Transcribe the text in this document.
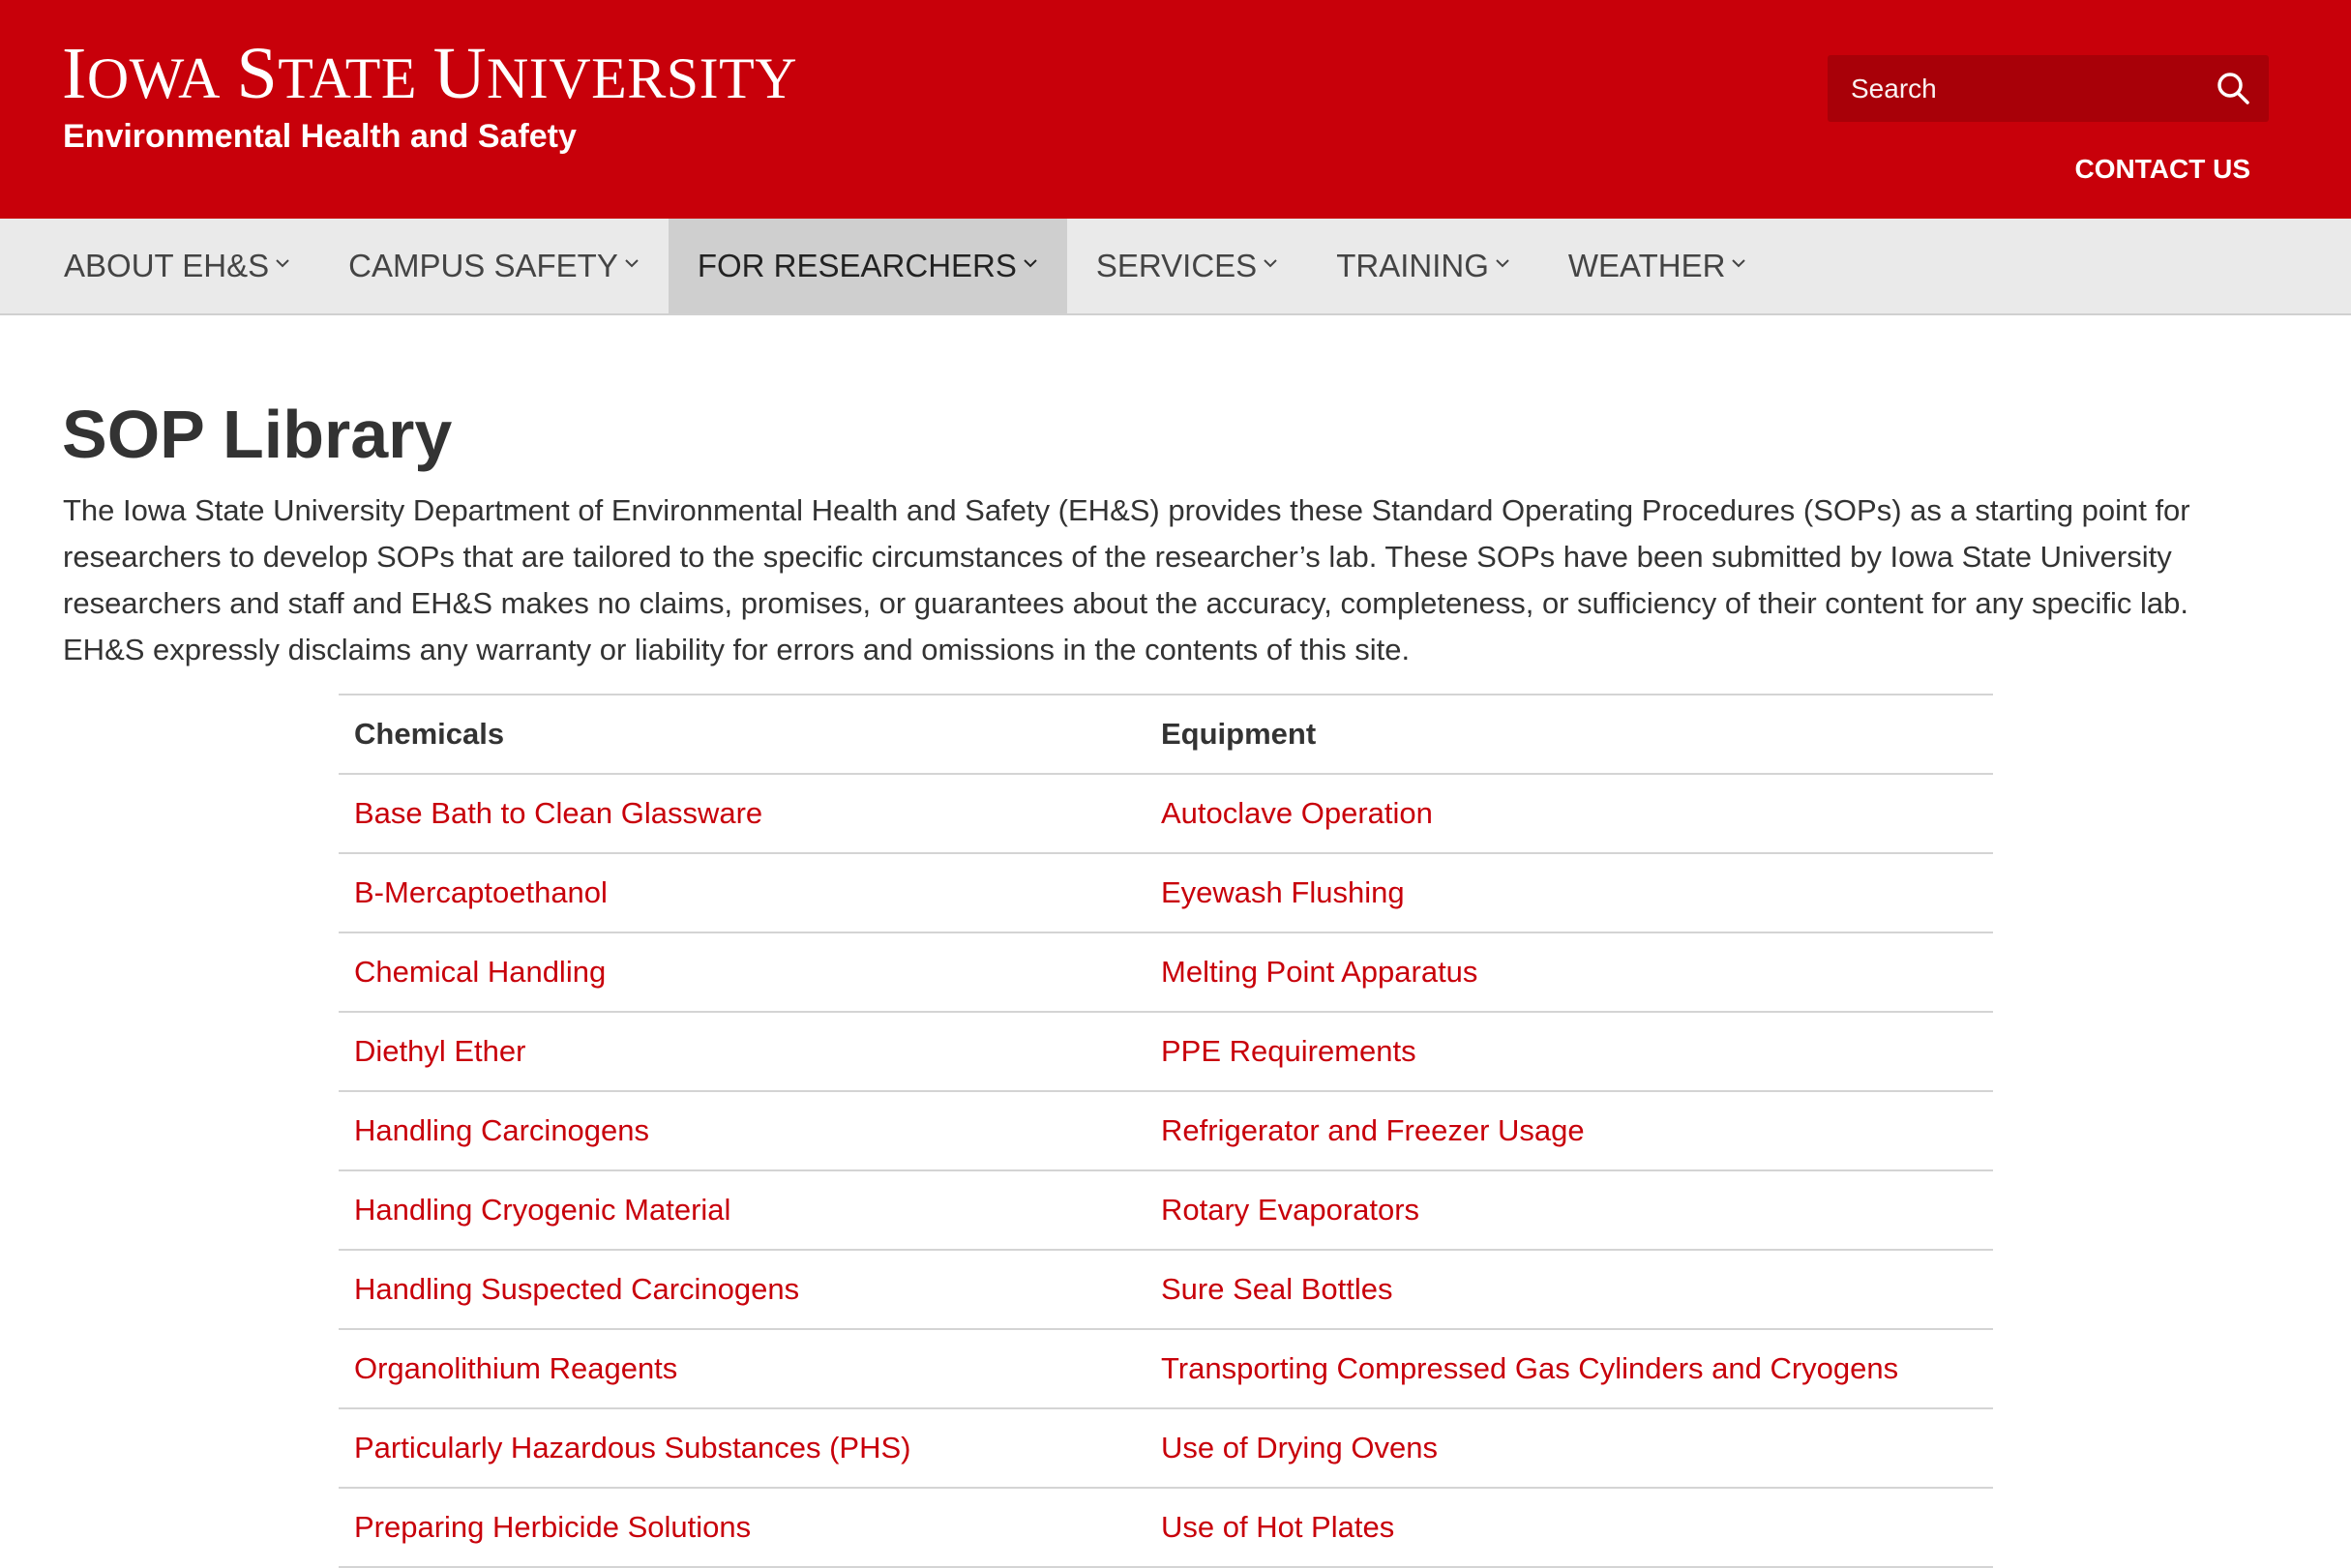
IOWA STATE UNIVERSITY
Environmental Health and Safety
Search
CONTACT US
ABOUT EH&S CAMPUS SAFETY FOR RESEARCHERS SERVICES TRAINING WEATHER
SOP Library

The Iowa State University Department of Environmental Health and Safety (EH&S) provides these Standard Operating Procedures (SOPs) as a starting point for
researchers to develop SOPs that are tailored to the specific circumstances of the researcher’s lab. These SOPs have been submitted by Iowa State University
researchers and staff and EH&S makes no claims, promises, or guarantees about the accuracy, completeness, or sufficiency of their content for any specific lab.
EH&S expressly disclaims any warranty or liability for errors and omissions in the contents of this site.

Chemicals	Equipment
Base Bath to Clean Glassware	Autoclave Operation
B-Mercaptoethanol	Eyewash Flushing
Chemical Handling	Melting Point Apparatus
Diethyl Ether	PPE Requirements
Handling Carcinogens	Refrigerator and Freezer Usage
Handling Cryogenic Material	Rotary Evaporators
Handling Suspected Carcinogens	Sure Seal Bottles
Organolithium Reagents	Transporting Compressed Gas Cylinders and Cryogens
Particularly Hazardous Substances (PHS)	Use of Drying Ovens
Preparing Herbicide Solutions	Use of Hot Plates
